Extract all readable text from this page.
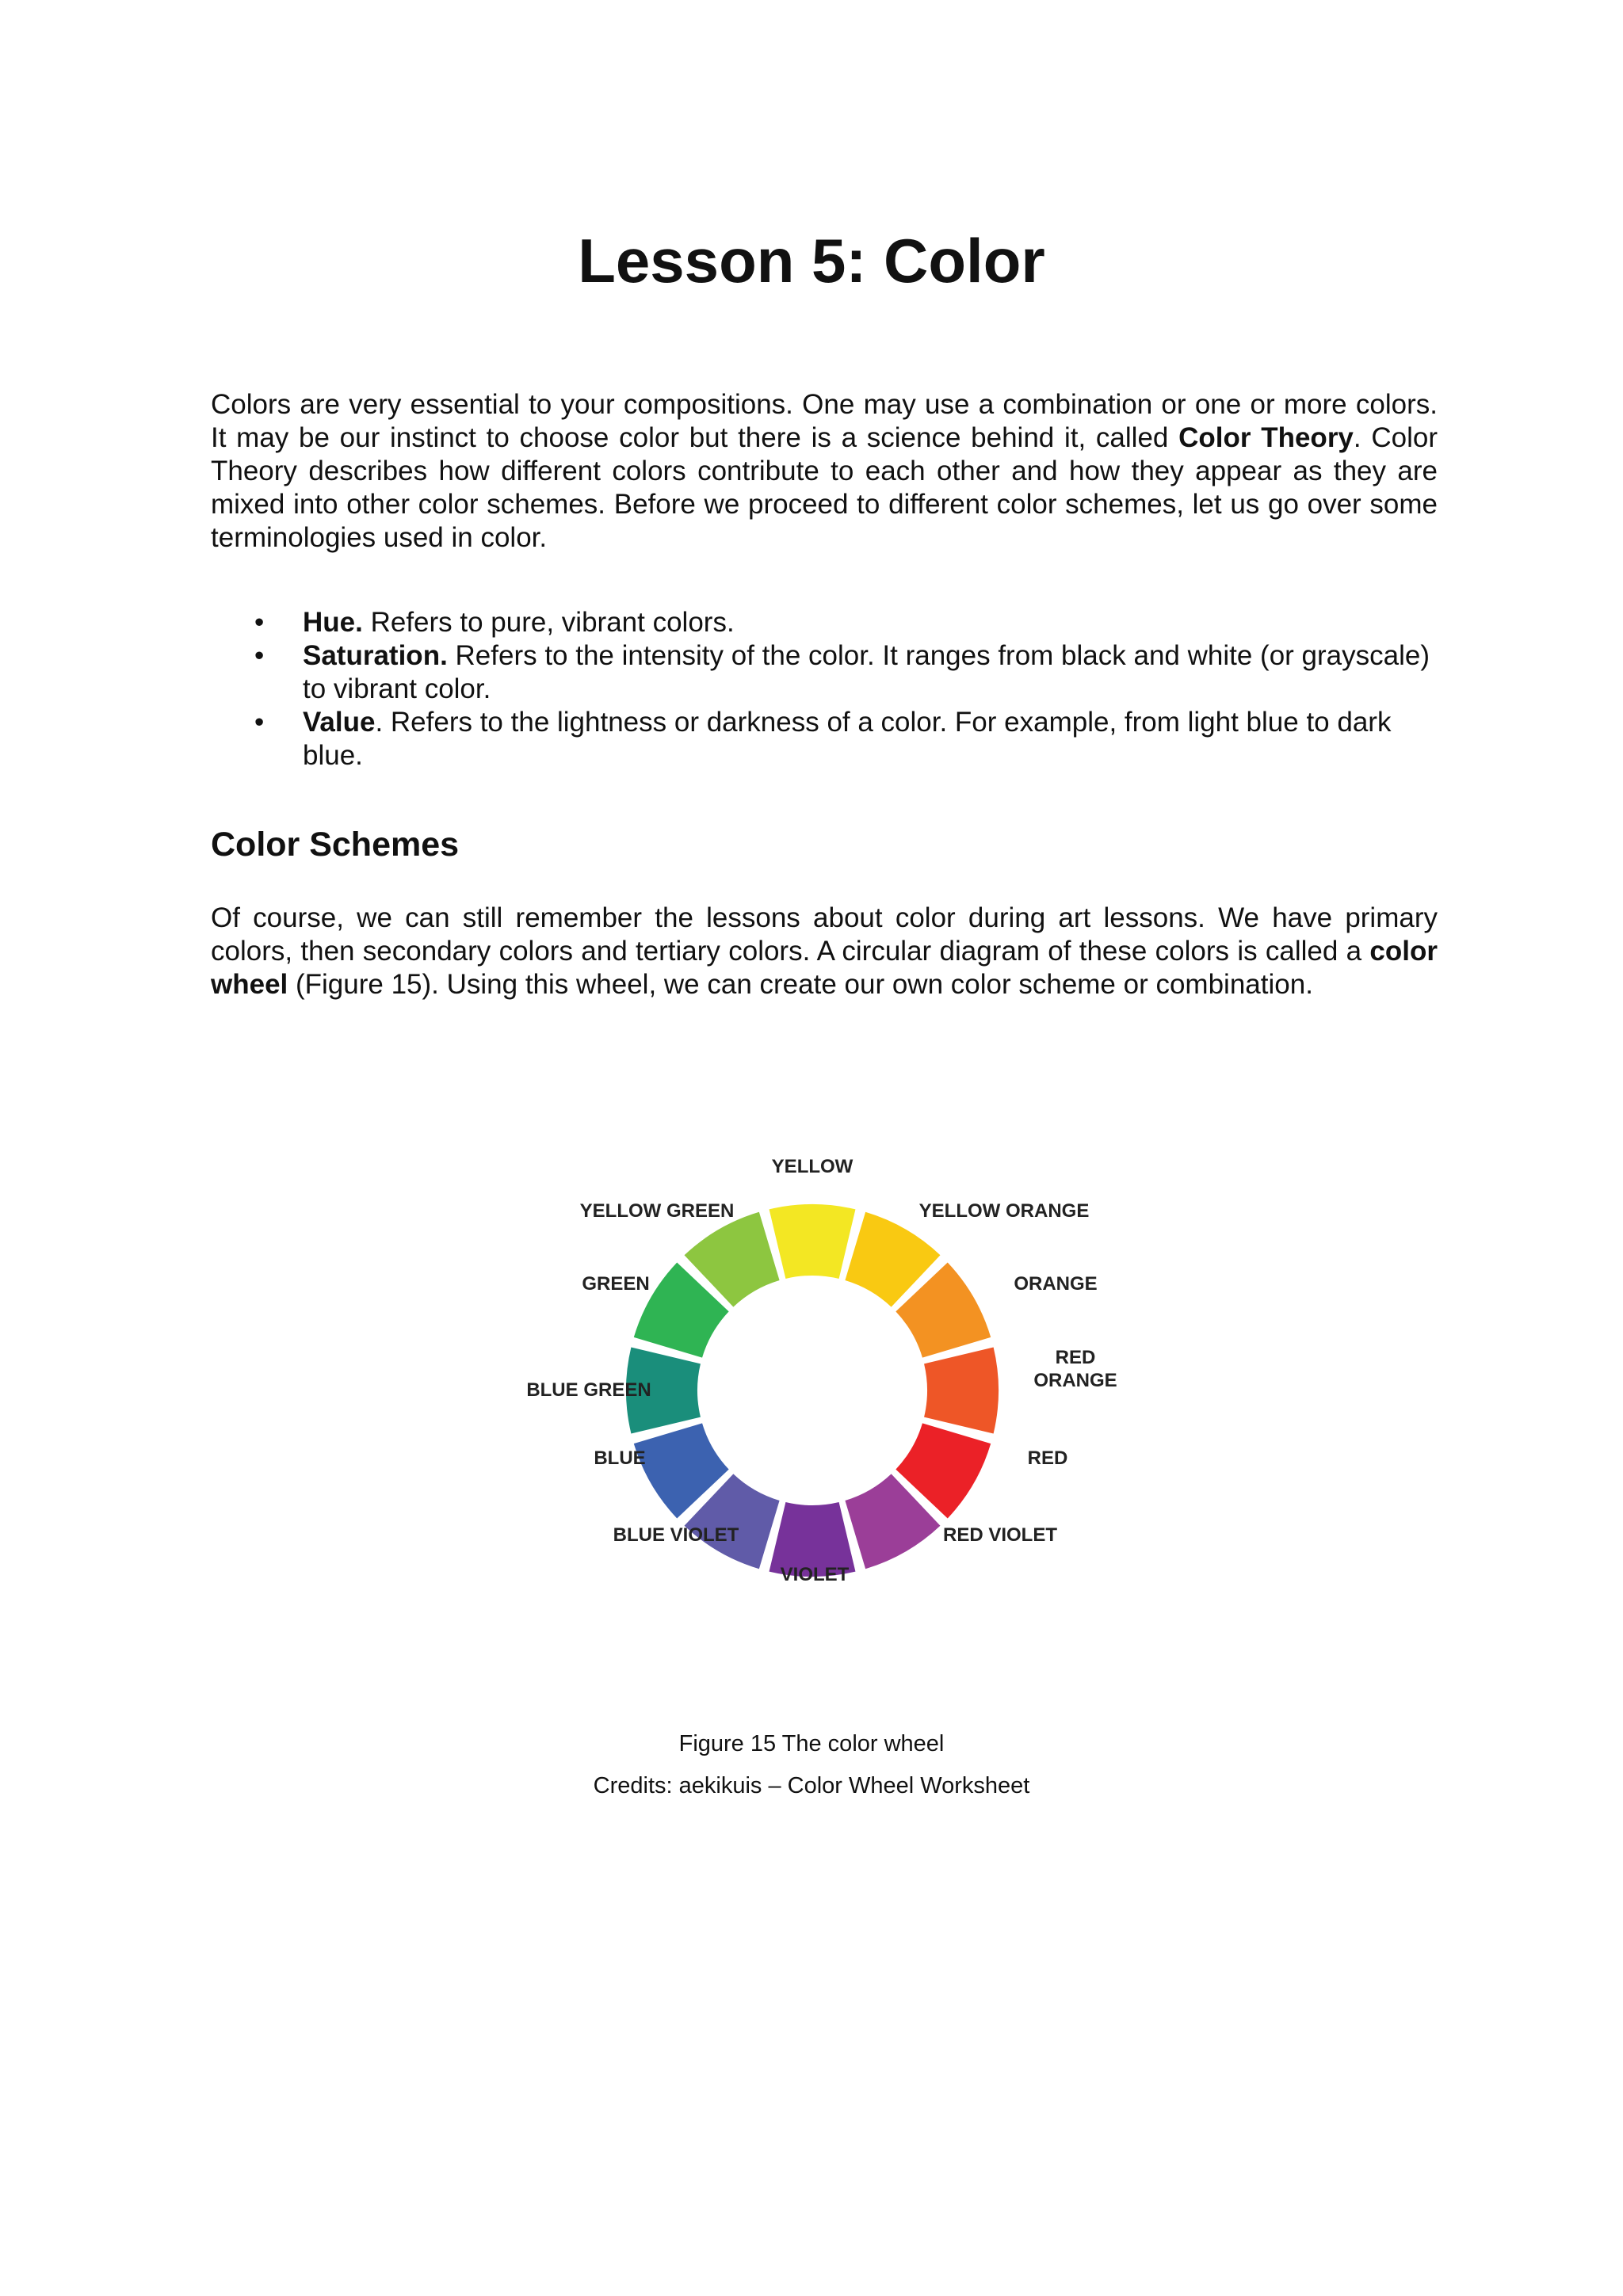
Lesson 5: Color

Colors are very essential to your compositions. One may use a combination or one or more colors. It may be our instinct to choose color but there is a science behind it, called Color Theory. Color Theory describes how different colors contribute to each other and how they appear as they are mixed into other color schemes. Before we proceed to different color schemes, let us go over some terminologies used in color.

• Hue. Refers to pure, vibrant colors.
• Saturation. Refers to the intensity of the color. It ranges from black and white (or grayscale) to vibrant color.
• Value. Refers to the lightness or darkness of a color. For example, from light blue to dark blue.
Color Schemes

Of course, we can still remember the lessons about color during art lessons. We have primary colors, then secondary colors and tertiary colors. A circular diagram of these colors is called a color wheel (Figure 15). Using this wheel, we can create our own color scheme or combination.

YELLOW
YELLOW ORANGE
ORANGE
RED ORANGE
RED
RED VIOLET
VIOLET
BLUE VIOLET
BLUE
BLUE GREEN
GREEN
YELLOW GREEN

Figure 15 The color wheel

Credits: aekikuis – Color Wheel Worksheet
